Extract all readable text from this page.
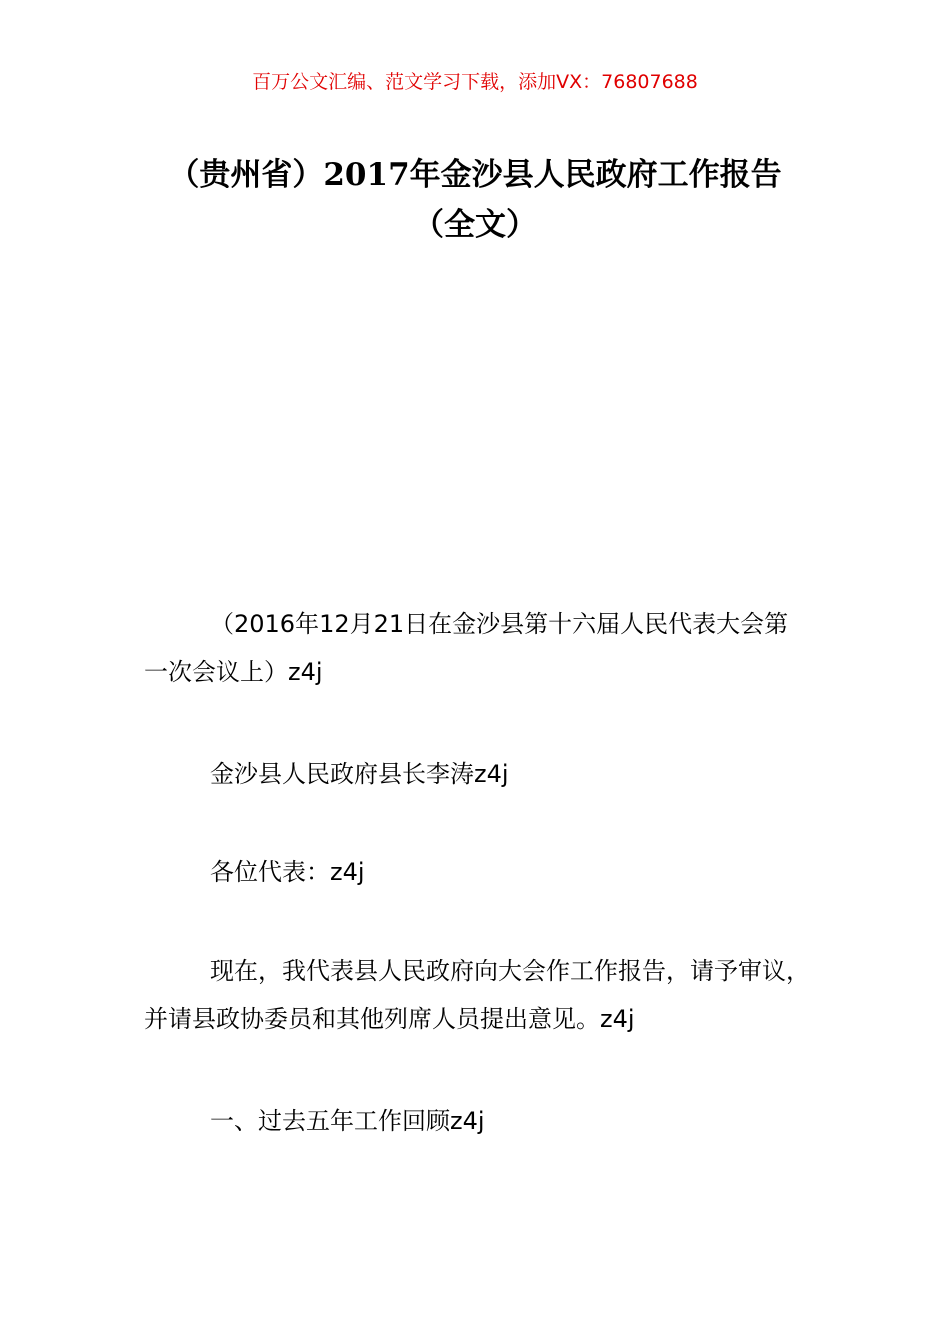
百万公文汇编、范文学习下载，添加VX：76807688
（贵州省）2017年金沙县人民政府工作报告（全文）

（2016年12月21日在金沙县第十六届人民代表大会第一次会议上）z4j

金沙县人民政府县长李涛z4j

各位代表：z4j

现在，我代表县人民政府向大会作工作报告，请予审议，并请县政协委员和其他列席人员提出意见。z4j

一、过去五年工作回顾z4j
